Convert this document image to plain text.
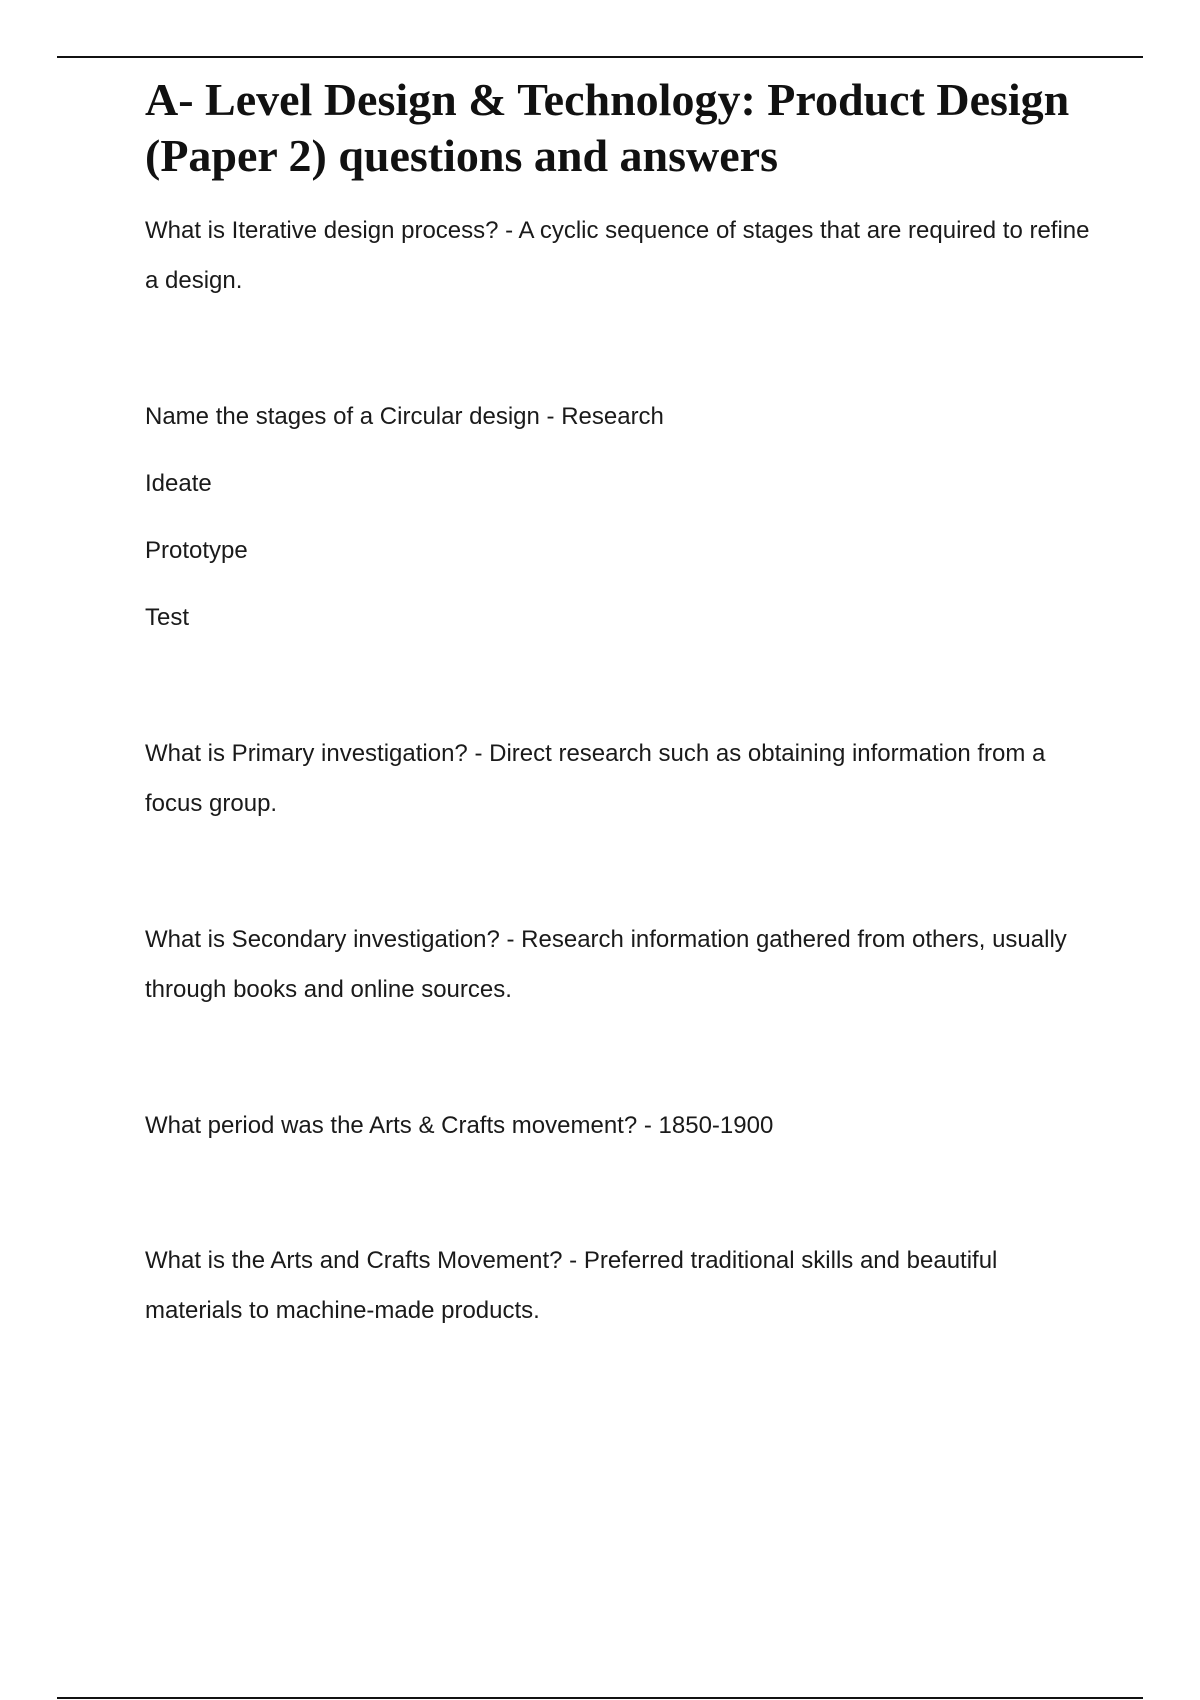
A- Level Design & Technology: Product Design (Paper 2) questions and answers

What is Iterative design process? - A cyclic sequence of stages that are required to refine a design.

Name the stages of a Circular design - Research

Ideate

Prototype

Test

What is Primary investigation? - Direct research such as obtaining information from a focus group.

What is Secondary investigation? - Research information gathered from others, usually through books and online sources.

What period was the Arts & Crafts movement? - 1850-1900

What is the Arts and Crafts Movement? - Preferred traditional skills and beautiful materials to machine-made products.
